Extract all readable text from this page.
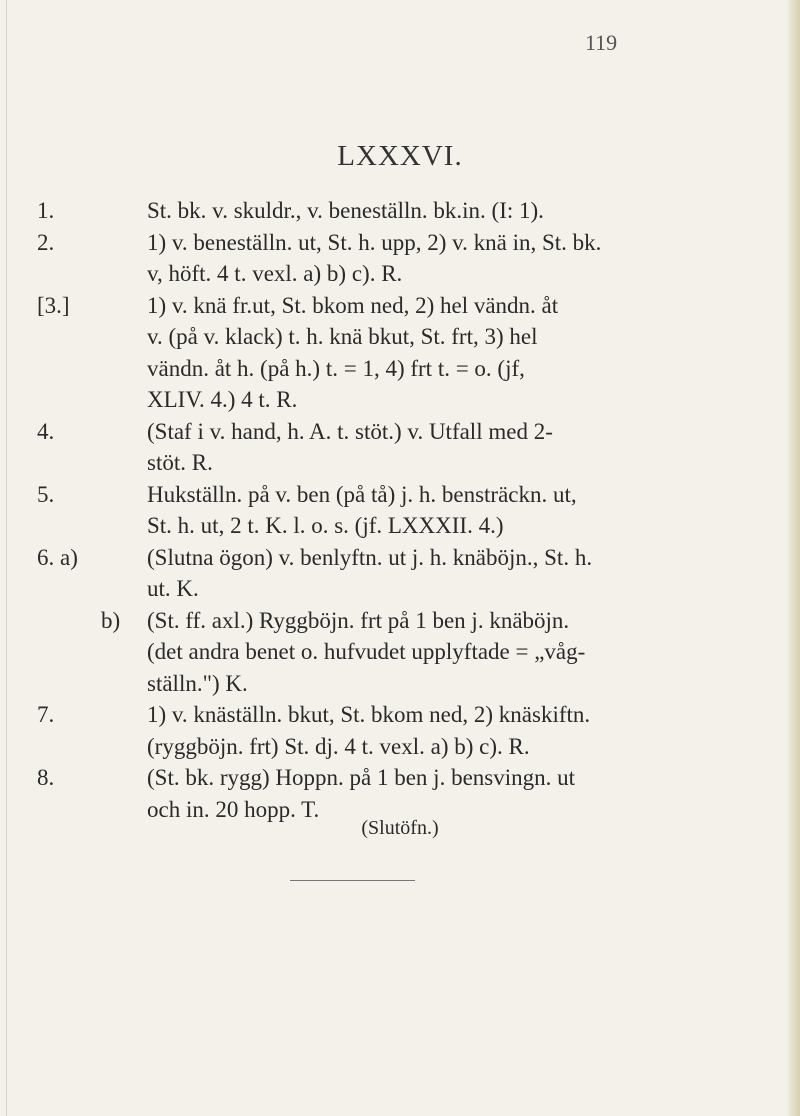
119
LXXXVI.
1.	St. bk. v. skuldr., v. beneställn. bk.in. (I: 1).
2.	1) v. beneställn. ut, St. h. upp, 2) v. knä in, St. bk.
v, höft. 4 t. vexl. a) b) c). R.
[3.]	1) v. knä fr.ut, St. bkom ned, 2) hel vändn. åt
v. (på v. klack) t. h. knä bkut, St. frt, 3) hel
vändn. åt h. (på h.) t. = 1, 4) frt t. = o. (jf,
XLIV. 4.) 4 t. R.
4.	(Staf i v. hand, h. A. t. stöt.) v. Utfall med 2-
stöt. R.
5.	Hukställn. på v. ben (på tå) j. h. bensträckn. ut,
St. h. ut, 2 t. K. l. o. s. (jf. LXXXII. 4.)
6. a)	(Slutna ögon) v. benlyftn. ut j. h. knäböjn., St. h.
ut. K.
b) (St. ff. axl.) Ryggböjn. frt på 1 ben j. knäböjn.
(det andra benet o. hufvudet upplyftade = „våg-
ställn.") K.
7.	1) v. knäställn. bkut, St. bkom ned, 2) knäskiftn.
(ryggböjn. frt) St. dj. 4 t. vexl. a) b) c). R.
8.	(St. bk. rygg) Hoppn. på 1 ben j. bensvingn. ut
och in. 20 hopp. T.
(Slutöfn.)
